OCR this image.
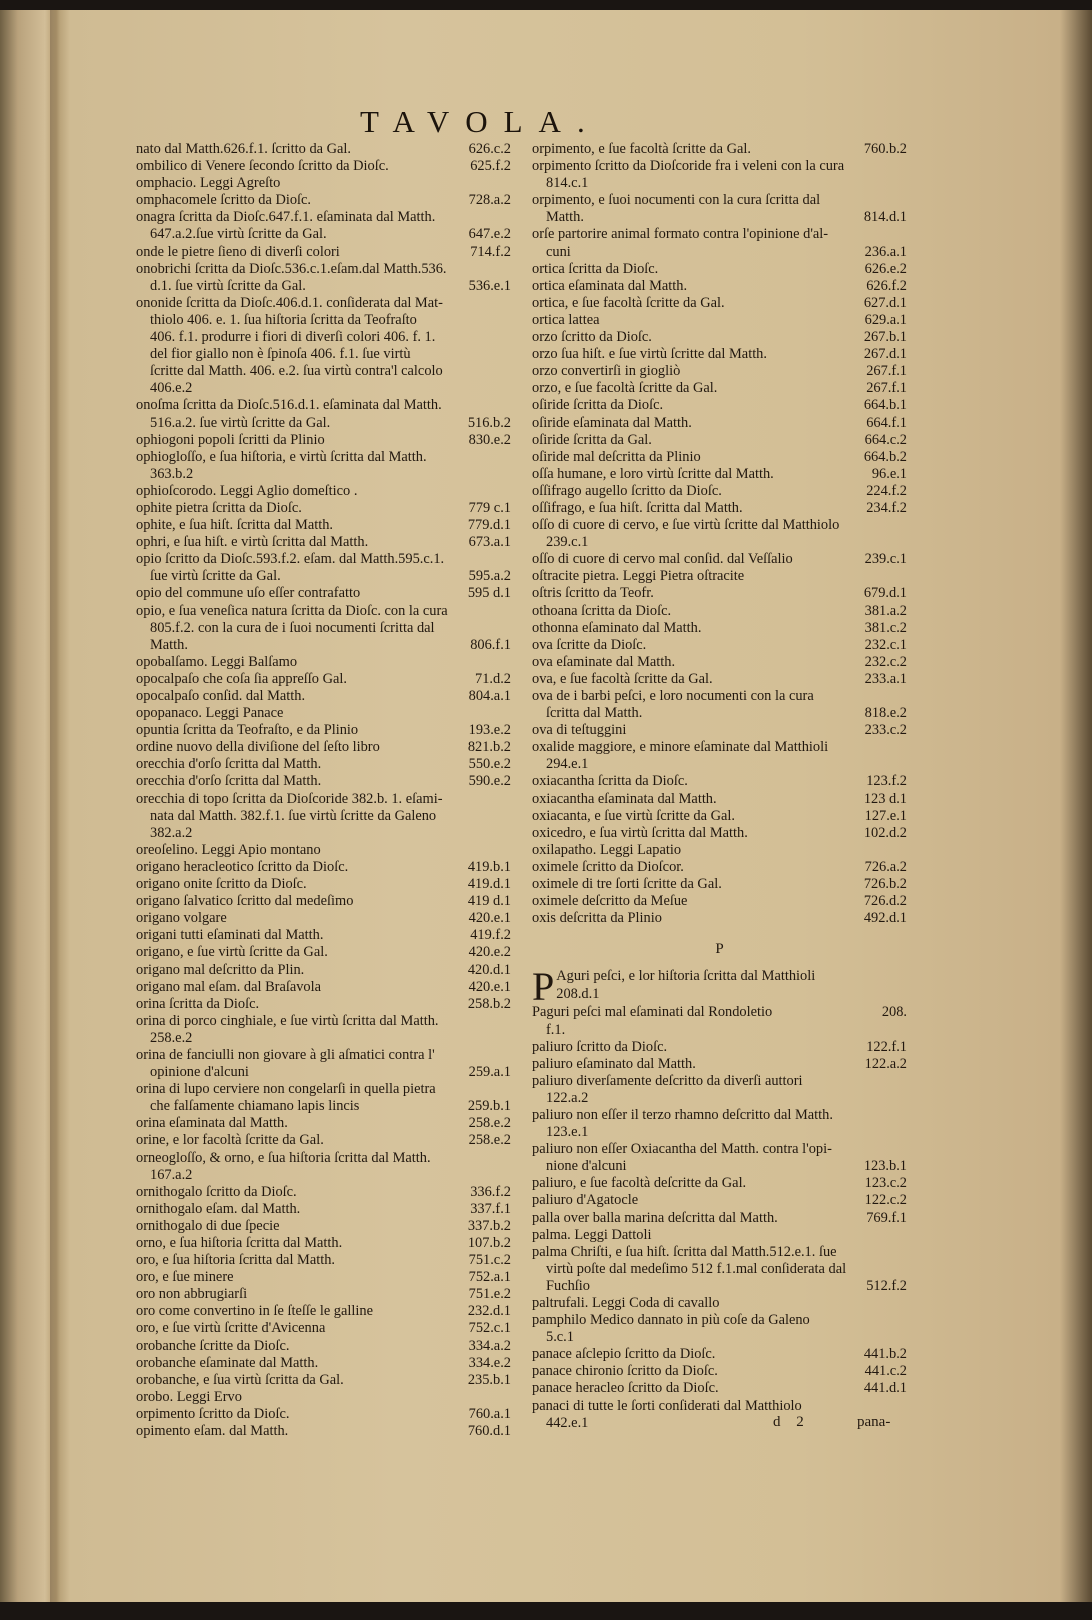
TAVOLA.
626.c.2
nato dal Matth.626.f.1. ſcritto da Gal.
625.f.2
ombilico di Venere ſecondo ſcritto da Dioſc.
omphacio. Leggi Agreſto
728.a.2
omphacomele ſcritto da Dioſc.
onagra ſcritta da Dioſc.647.f.1. eſaminata dal Matth.
647.e.2
647.a.2.ſue virtù ſcritte da Gal.
714.f.2
onde le pietre ſieno di diverſi colori
onobrichi ſcritta da Dioſc.536.c.1.eſam.dal Matth.536.
536.e.1
d.1. ſue virtù ſcritte da Gal.
ononide ſcritta da Dioſc.406.d.1. conſiderata dal Mat-
thiolo 406. e. 1. ſua hiſtoria ſcritta da Teofraſto
406. f.1. produrre i fiori di diverſi colori 406. f. 1.
del fior giallo non è ſpinoſa 406. f.1. ſue virtù
ſcritte dal Matth. 406. e.2. ſua virtù contra'l calcolo
406.e.2
onoſma ſcritta da Dioſc.516.d.1. eſaminata dal Matth.
516.b.2
516.a.2. ſue virtù ſcritte da Gal.
830.e.2
ophiogoni popoli ſcritti da Plinio
ophiogloſſo, e ſua hiſtoria, e virtù ſcritta dal Matth.
363.b.2
ophioſcorodo. Leggi Aglio domeſtico .
779 c.1
ophite pietra ſcritta da Dioſc.
779.d.1
ophite, e ſua hiſt. ſcritta dal Matth.
673.a.1
ophri, e ſua hiſt. e virtù ſcritta dal Matth.
opio ſcritto da Dioſc.593.f.2. eſam. dal Matth.595.c.1.
595.a.2
ſue virtù ſcritte da Gal.
595 d.1
opio del commune uſo eſſer contrafatto
opio, e ſua veneſica natura ſcritta da Dioſc. con la cura
805.f.2. con la cura de i ſuoi nocumenti ſcritta dal
806.f.1
Matth.
opobalſamo. Leggi Balſamo
71.d.2
opocalpaſo che coſa ſia appreſſo Gal.
804.a.1
opocalpaſo conſid. dal Matth.
opopanaco. Leggi Panace
193.e.2
opuntia ſcritta da Teofraſto, e da Plinio
821.b.2
ordine nuovo della diviſione del ſeſto libro
550.e.2
orecchia d'orſo ſcritta dal Matth.
590.e.2
orecchia d'orſo ſcritta dal Matth.
orecchia di topo ſcritta da Dioſcoride 382.b. 1. eſami-
nata dal Matth. 382.f.1. ſue virtù ſcritte da Galeno
382.a.2
oreoſelino. Leggi Apio montano
419.b.1
origano heracleotico ſcritto da Dioſc.
419.d.1
origano onite ſcritto da Dioſc.
419 d.1
origano ſalvatico ſcritto dal medeſimo
420.e.1
origano volgare
419.f.2
origani tutti eſaminati dal Matth.
420.e.2
origano, e ſue virtù ſcritte da Gal.
420.d.1
origano mal deſcritto da Plin.
420.e.1
origano mal eſam. dal Braſavola
258.b.2
orina ſcritta da Dioſc.
orina di porco cinghiale, e ſue virtù ſcritta dal Matth.
258.e.2
orina de fanciulli non giovare à gli aſmatici contra l'
259.a.1
opinione d'alcuni
orina di lupo cerviere non congelarſi in quella pietra
259.b.1
che falſamente chiamano lapis lincis
258.e.2
orina eſaminata dal Matth.
258.e.2
orine, e lor facoltà ſcritte da Gal.
orneogloſſo, & orno, e ſua hiſtoria ſcritta dal Matth.
167.a.2
336.f.2
ornithogalo ſcritto da Dioſc.
337.f.1
ornithogalo eſam. dal Matth.
337.b.2
ornithogalo di due ſpecie
107.b.2
orno, e ſua hiſtoria ſcritta dal Matth.
751.c.2
oro, e ſua hiſtoria ſcritta dal Matth.
752.a.1
oro, e ſue minere
751.e.2
oro non abbrugiarſi
232.d.1
oro come convertino in ſe ſteſſe le galline
752.c.1
oro, e ſue virtù ſcritte d'Avicenna
334.a.2
orobanche ſcritte da Dioſc.
334.e.2
orobanche eſaminate dal Matth.
235.b.1
orobanche, e ſua virtù ſcritta da Gal.
orobo. Leggi Ervo
760.a.1
orpimento ſcritto da Dioſc.
760.d.1
opimento eſam. dal Matth.
760.b.2
orpimento, e ſue facoltà ſcritte da Gal.
orpimento ſcritto da Dioſcoride fra i veleni con la cura
814.c.1
orpimento, e ſuoi nocumenti con la cura ſcritta dal
814.d.1
Matth.
orſe partorire animal formato contra l'opinione d'al-
236.a.1
cuni
626.e.2
ortica ſcritta da Dioſc.
626.f.2
ortica eſaminata dal Matth.
627.d.1
ortica, e ſue facoltà ſcritte da Gal.
629.a.1
ortica lattea
267.b.1
orzo ſcritto da Dioſc.
267.d.1
orzo ſua hiſt. e ſue virtù ſcritte dal Matth.
267.f.1
orzo convertirſi in giogliò
267.f.1
orzo, e ſue facoltà ſcritte da Gal.
664.b.1
oſiride ſcritta da Dioſc.
664.f.1
oſiride eſaminata dal Matth.
664.c.2
oſiride ſcritta da Gal.
664.b.2
oſiride mal deſcritta da Plinio
96.e.1
oſſa humane, e loro virtù ſcritte dal Matth.
224.f.2
oſſifrago augello ſcritto da Dioſc.
234.f.2
oſſifrago, e ſua hiſt. ſcritta dal Matth.
oſſo di cuore di cervo, e ſue virtù ſcritte dal Matthiolo
239.c.1
239.c.1
oſſo di cuore di cervo mal conſid. dal Veſſalio
oſtracite pietra. Leggi Pietra oſtracite
679.d.1
oſtris ſcritto da Teofr.
381.a.2
othoana ſcritta da Dioſc.
381.c.2
othonna eſaminato dal Matth.
232.c.1
ova ſcritte da Dioſc.
232.c.2
ova eſaminate dal Matth.
233.a.1
ova, e ſue facoltà ſcritte da Gal.
ova de i barbi peſci, e loro nocumenti con la cura
818.e.2
ſcritta dal Matth.
233.c.2
ova di teſtuggini
oxalide maggiore, e minore eſaminate dal Matthioli
294.e.1
123.f.2
oxiacantha ſcritta da Dioſc.
123 d.1
oxiacantha eſaminata dal Matth.
127.e.1
oxiacanta, e ſue virtù ſcritte da Gal.
102.d.2
oxicedro, e ſua virtù ſcritta dal Matth.
oxilapatho. Leggi Lapatio
726.a.2
oximele ſcritto da Dioſcor.
726.b.2
oximele di tre ſorti ſcritte da Gal.
726.d.2
oximele deſcritto da Meſue
492.d.1
oxis deſcritta da Plinio
P
P Aguri peſci, e lor hiſtoria ſcritta dal Matthioli
208.d.1
208.
Paguri peſci mal eſaminati dal Rondoletio
f.1.
122.f.1
paliuro ſcritto da Dioſc.
122.a.2
paliuro eſaminato dal Matth.
paliuro diverſamente deſcritto da diverſi auttori
122.a.2
paliuro non eſſer il terzo rhamno deſcritto dal Matth.
123.e.1
paliuro non eſſer Oxiacantha del Matth. contra l'opi-
123.b.1
nione d'alcuni
123.c.2
paliuro, e ſue facoltà deſcritte da Gal.
122.c.2
paliuro d'Agatocle
769.f.1
palla over balla marina deſcritta dal Matth.
palma. Leggi Dattoli
palma Chriſti, e ſua hiſt. ſcritta dal Matth.512.e.1. ſue
virtù poſte dal medeſimo 512 f.1.mal conſiderata dal
512.f.2
Fuchſio
paltrufali. Leggi Coda di cavallo
pamphilo Medico dannato in più coſe da Galeno
5.c.1
441.b.2
panace aſclepio ſcritto da Dioſc.
441.c.2
panace chironio ſcritto da Dioſc.
441.d.1
panace heracleo ſcritto da Dioſc.
panaci di tutte le ſorti conſiderati dal Matthiolo
442.e.1	d 2	pana-
